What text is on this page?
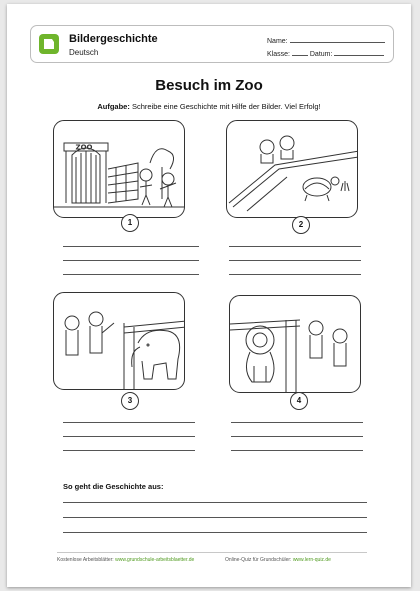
Bildergeschichte
Deutsch
Name:
Klasse:	Datum:
Besuch im Zoo
Aufgabe: Schreibe eine Geschichte mit Hilfe der Bilder. Viel Erfolg!
ZOO
1	2
3	4
So geht die Geschichte aus:
Kostenlose Arbeitsblätter: www.grundschule-arbeitsblaetter.de	Online-Quiz für Grundschüler: www.lern-quiz.de
